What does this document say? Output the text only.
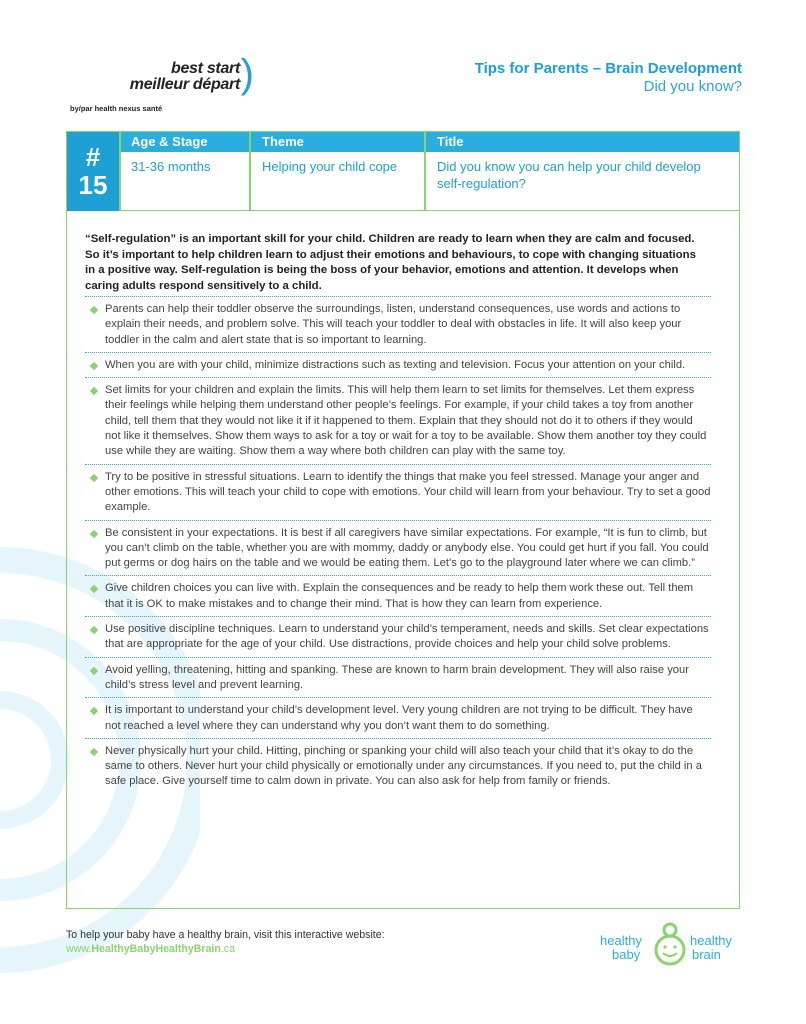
best start
meilleur départ )
by/par health nexus santé
Tips for Parents – Brain Development
Did you know?
#
15
Age & Stage	Theme	Title
31-36 months	Helping your child cope	Did you know you can help your child develop self-regulation?
“Self-regulation” is an important skill for your child. Children are ready to learn when they are calm and focused. So it’s important to help children learn to adjust their emotions and behaviours, to cope with changing situations in a positive way. Self-regulation is being the boss of your behavior, emotions and attention. It develops when caring adults respond sensitively to a child.
Parents can help their toddler observe the surroundings, listen, understand consequences, use words and actions to explain their needs, and problem solve. This will teach your toddler to deal with obstacles in life. It will also keep your toddler in the calm and alert state that is so important to learning.
When you are with your child, minimize distractions such as texting and television. Focus your attention on your child.
Set limits for your children and explain the limits. This will help them learn to set limits for themselves. Let them express their feelings while helping them understand other people’s feelings. For example, if your child takes a toy from another child, tell them that they would not like it if it happened to them. Explain that they should not do it to others if they would not like it themselves. Show them ways to ask for a toy or wait for a toy to be available. Show them another toy they could use while they are waiting. Show them a way where both children can play with the same toy.
Try to be positive in stressful situations. Learn to identify the things that make you feel stressed. Manage your anger and other emotions. This will teach your child to cope with emotions. Your child will learn from your behaviour. Try to set a good example.
Be consistent in your expectations. It is best if all caregivers have similar expectations. For example, “It is fun to climb, but you can’t climb on the table, whether you are with mommy, daddy or anybody else. You could get hurt if you fall. You could put germs or dog hairs on the table and we would be eating them. Let’s go to the playground later where we can climb.”
Give children choices you can live with. Explain the consequences and be ready to help them work these out. Tell them that it is OK to make mistakes and to change their mind. That is how they can learn from experience.
Use positive discipline techniques. Learn to understand your child’s temperament, needs and skills. Set clear expectations that are appropriate for the age of your child. Use distractions, provide choices and help your child solve problems.
Avoid yelling, threatening, hitting and spanking. These are known to harm brain development. They will also raise your child’s stress level and prevent learning.
It is important to understand your child’s development level. Very young children are not trying to be difficult. They have not reached a level where they can understand why you don’t want them to do something.
Never physically hurt your child. Hitting, pinching or spanking your child will also teach your child that it’s okay to do the same to others. Never hurt your child physically or emotionally under any circumstances. If you need to, put the child in a safe place. Give yourself time to calm down in private. You can also ask for help from family or friends.
To help your baby have a healthy brain, visit this interactive website:
www.HealthyBabyHealthyBrain.ca
healthy
baby
healthy
brain
